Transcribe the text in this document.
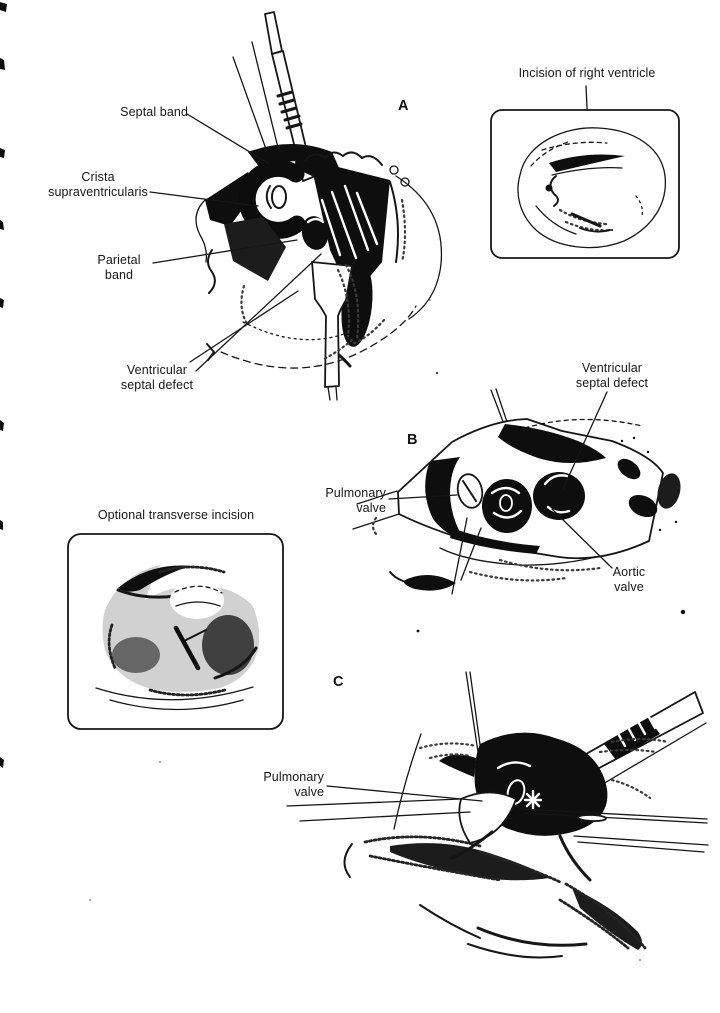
Septal band
Crista supraventricularis
Parietal band
Ventricular septal defect
A
Incision of right ventricle
B
Ventricular septal defect
Pulmonary valve
Aortic valve
Optional transverse incision
C
Pulmonary valve
